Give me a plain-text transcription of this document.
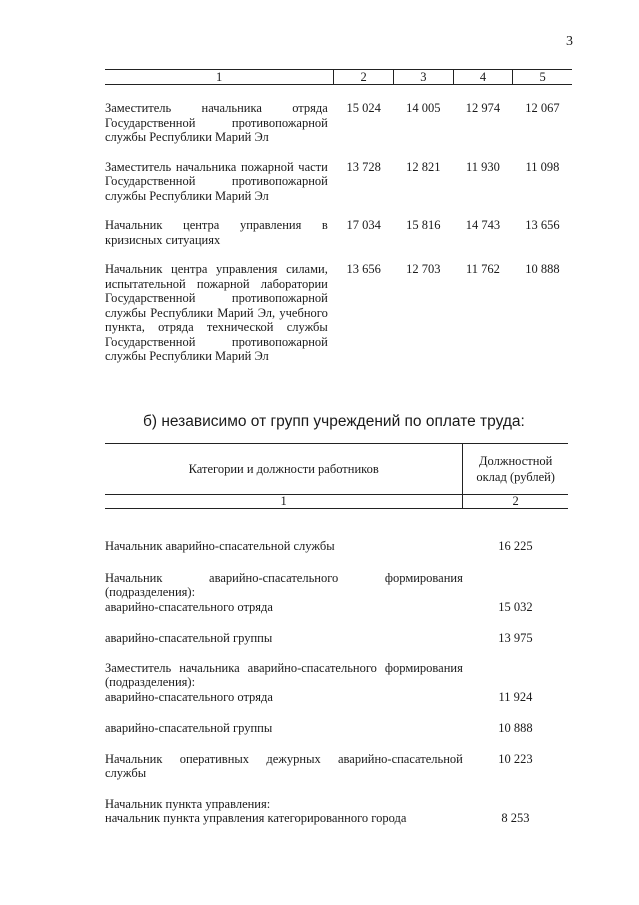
3
1	2	3	4	5
Заместитель начальника отряда Государственной противопожарной службы Республики Марий Эл	15 024	14 005	12 974	12 067
Заместитель начальника пожарной части Государственной противопожарной службы Республики Марий Эл	13 728	12 821	11 930	11 098
Начальник центра управления в кризисных ситуациях	17 034	15 816	14 743	13 656
Начальник центра управления силами, испытательной пожарной лаборатории Государственной противопожарной службы Республики Марий Эл, учебного пункта, отряда технической службы Государственной противопожарной службы Республики Марий Эл	13 656	12 703	11 762	10 888
б) независимо от групп учреждений по оплате труда:
Категории и должности работников	Должностной оклад (рублей)
1	2
Начальник аварийно-спасательной службы	16 225
Начальник аварийно-спасательного формирования (подразделения):	
аварийно-спасательного отряда	15 032
аварийно-спасательной группы	13 975
Заместитель начальника аварийно-спасательного формирования (подразделения):	
аварийно-спасательного отряда	11 924
аварийно-спасательной группы	10 888
Начальник оперативных дежурных аварийно-спасательной службы	10 223
Начальник пункта управления:	
начальник пункта управления категорированного города	8 253
